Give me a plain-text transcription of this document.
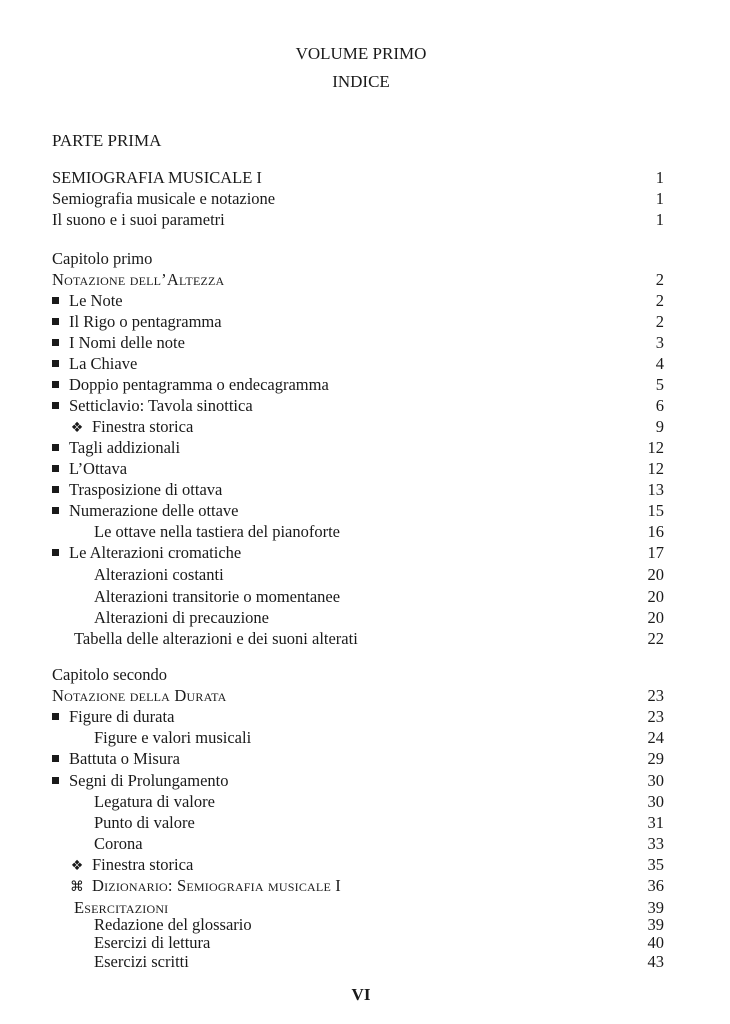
VOLUME PRIMO
INDICE
PARTE PRIMA
SEMIOGRAFIA MUSICALE I	1
Semiografia musicale e notazione	1
Il suono e i suoi parametri	1
Capitolo primo
Notazione dell’Altezza	2
Le Note	2
Il Rigo o pentagramma	2
I Nomi delle note	3
La Chiave	4
Doppio pentagramma o endecagramma	5
Setticlavio: Tavola sinottica	6
❖ Finestra storica	9
Tagli addizionali	12
L’Ottava	12
Trasposizione di ottava	13
Numerazione delle ottave	15
Le ottave nella tastiera del pianoforte	16
Le Alterazioni cromatiche	17
Alterazioni costanti	20
Alterazioni transitorie o momentanee	20
Alterazioni di precauzione	20
Tabella delle alterazioni e dei suoni alterati	22
Capitolo secondo
Notazione della Durata	23
Figure di durata	23
Figure e valori musicali	24
Battuta o Misura	29
Segni di Prolungamento	30
Legatura di valore	30
Punto di valore	31
Corona	33
❖ Finestra storica	35
⌘ Dizionario: Semiografia musicale I	36
Esercitazioni	39
Redazione del glossario	39
Esercizi di lettura	40
Esercizi scritti	43
VI
